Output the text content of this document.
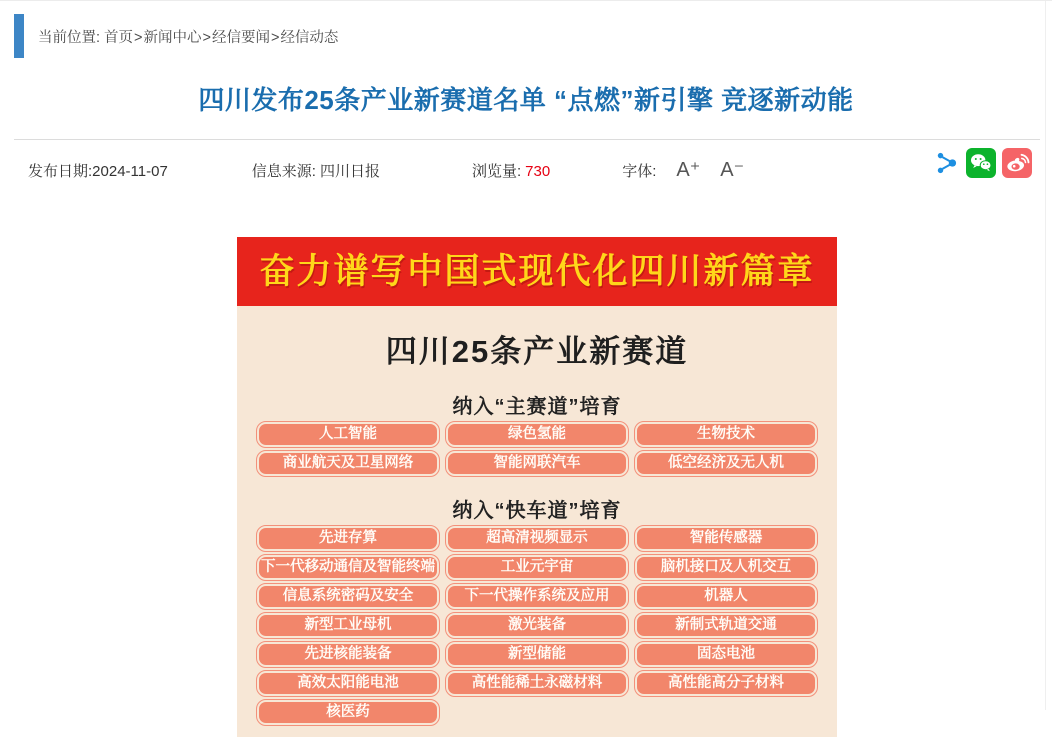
当前位置: 首页>新闻中心>经信要闻>经信动态
四川发布25条产业新赛道名单 “点燃”新引擎 竞逐新动能
发布日期:2024-11-07	信息来源: 四川日报	浏览量: 730	字体: A⁺ A⁻
奋力谱写中国式现代化四川新篇章
四川25条产业新赛道
纳入“主赛道”培育
人工智能	绿色氢能	生物技术
商业航天及卫星网络	智能网联汽车	低空经济及无人机
纳入“快车道”培育
先进存算	超高清视频显示	智能传感器
下一代移动通信及智能终端	工业元宇宙	脑机接口及人机交互
信息系统密码及安全	下一代操作系统及应用	机器人
新型工业母机	激光装备	新制式轨道交通
先进核能装备	新型储能	固态电池
高效太阳能电池	高性能稀土永磁材料	高性能高分子材料
核医药
